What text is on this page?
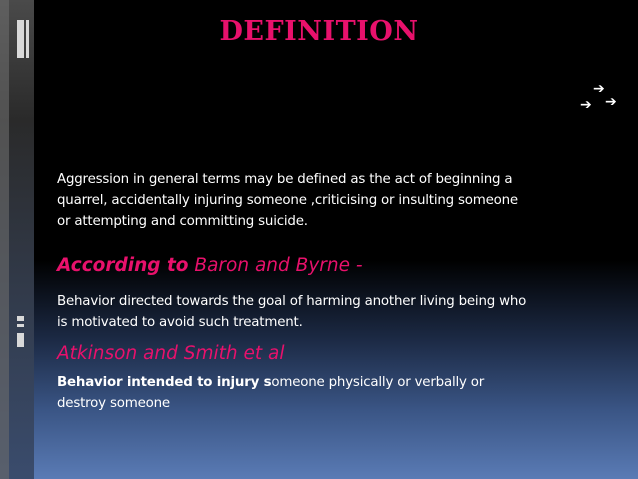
DEFINITION
➔
➔
➔
Aggression in general terms may be defined as the act of beginning a quarrel, accidentally injuring someone ,criticising or insulting someone or attempting and committing suicide.
According to Baron and Byrne -
Behavior directed towards the goal of harming another living being who is motivated to avoid such treatment.
Atkinson and Smith et al
Behavior intended to injury someone physically or verbally or destroy someone
